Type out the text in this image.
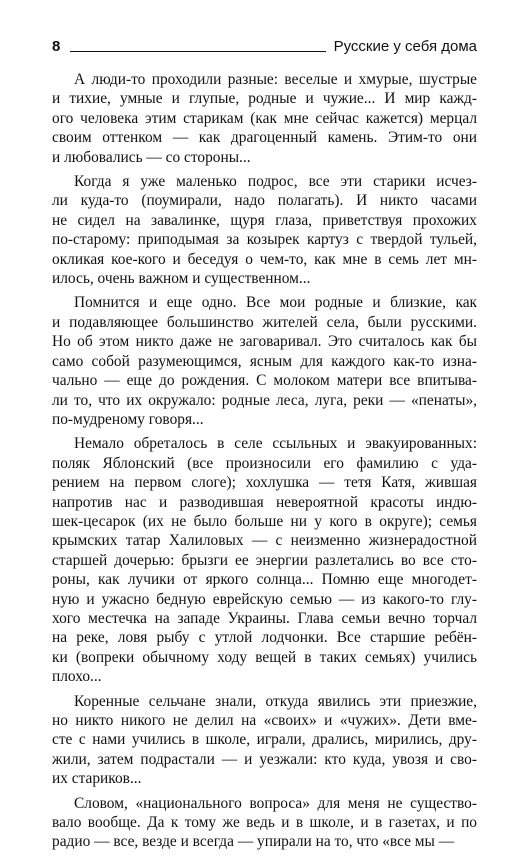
8	Русские у себя дома

А люди-то проходили разные: веселые и хмурые, шустрые
и тихие, умные и глупые, родные и чужие... И мир кажд-
ого человека этим старикам (как мне сейчас кажется) мерцал
своим оттенком — как драгоценный камень. Этим-то они
и любовались — со стороны...

Когда я уже маленько подрос, все эти старики исчез-
ли куда-то (поумирали, надо полагать). И никто часами
не сидел на завалинке, щуря глаза, приветствуя прохожих
по-старому: приподымая за козырек картуз с твердой тульей,
окликая кое-кого и беседуя о чем-то, как мне в семь лет мн-
илось, очень важном и существенном...

Помнится и еще одно. Все мои родные и близкие, как
и подавляющее большинство жителей села, были русскими.
Но об этом никто даже не заговаривал. Это считалось как бы
само собой разумеющимся, ясным для каждого как-то изна-
чально — еще до рождения. С молоком матери все впитыва-
ли то, что их окружало: родные леса, луга, реки — «пенаты»,
по-мудреному говоря...

Немало обреталось в селе ссыльных и эвакуированных:
поляк Яблонский (все произносили его фамилию с уда-
рением на первом слоге); хохлушка — тетя Катя, жившая
напротив нас и разводившая невероятной красоты индю-
шек-цесарок (их не было больше ни у кого в округе); семья
крымских татар Халиловых — с неизменно жизнерадостной
старшей дочерью: брызги ее энергии разлетались во все сто-
роны, как лучики от яркого солнца... Помню еще многодет-
ную и ужасно бедную еврейскую семью — из какого-то глу-
хого местечка на западе Украины. Глава семьи вечно торчал
на реке, ловя рыбу с утлой лодчонки. Все старшие ребён-
ки (вопреки обычному ходу вещей в таких семьях) учились
плохо...

Коренные сельчане знали, откуда явились эти приезжие,
но никто никого не делил на «своих» и «чужих». Дети вме-
сте с нами учились в школе, играли, дрались, мирились, дру-
жили, затем подрастали — и уезжали: кто куда, увозя и сво-
их стариков...

Словом, «национального вопроса» для меня не существо-
вало вообще. Да к тому же ведь и в школе, и в газетах, и по
радио — все, везде и всегда — упирали на то, что «все мы —
